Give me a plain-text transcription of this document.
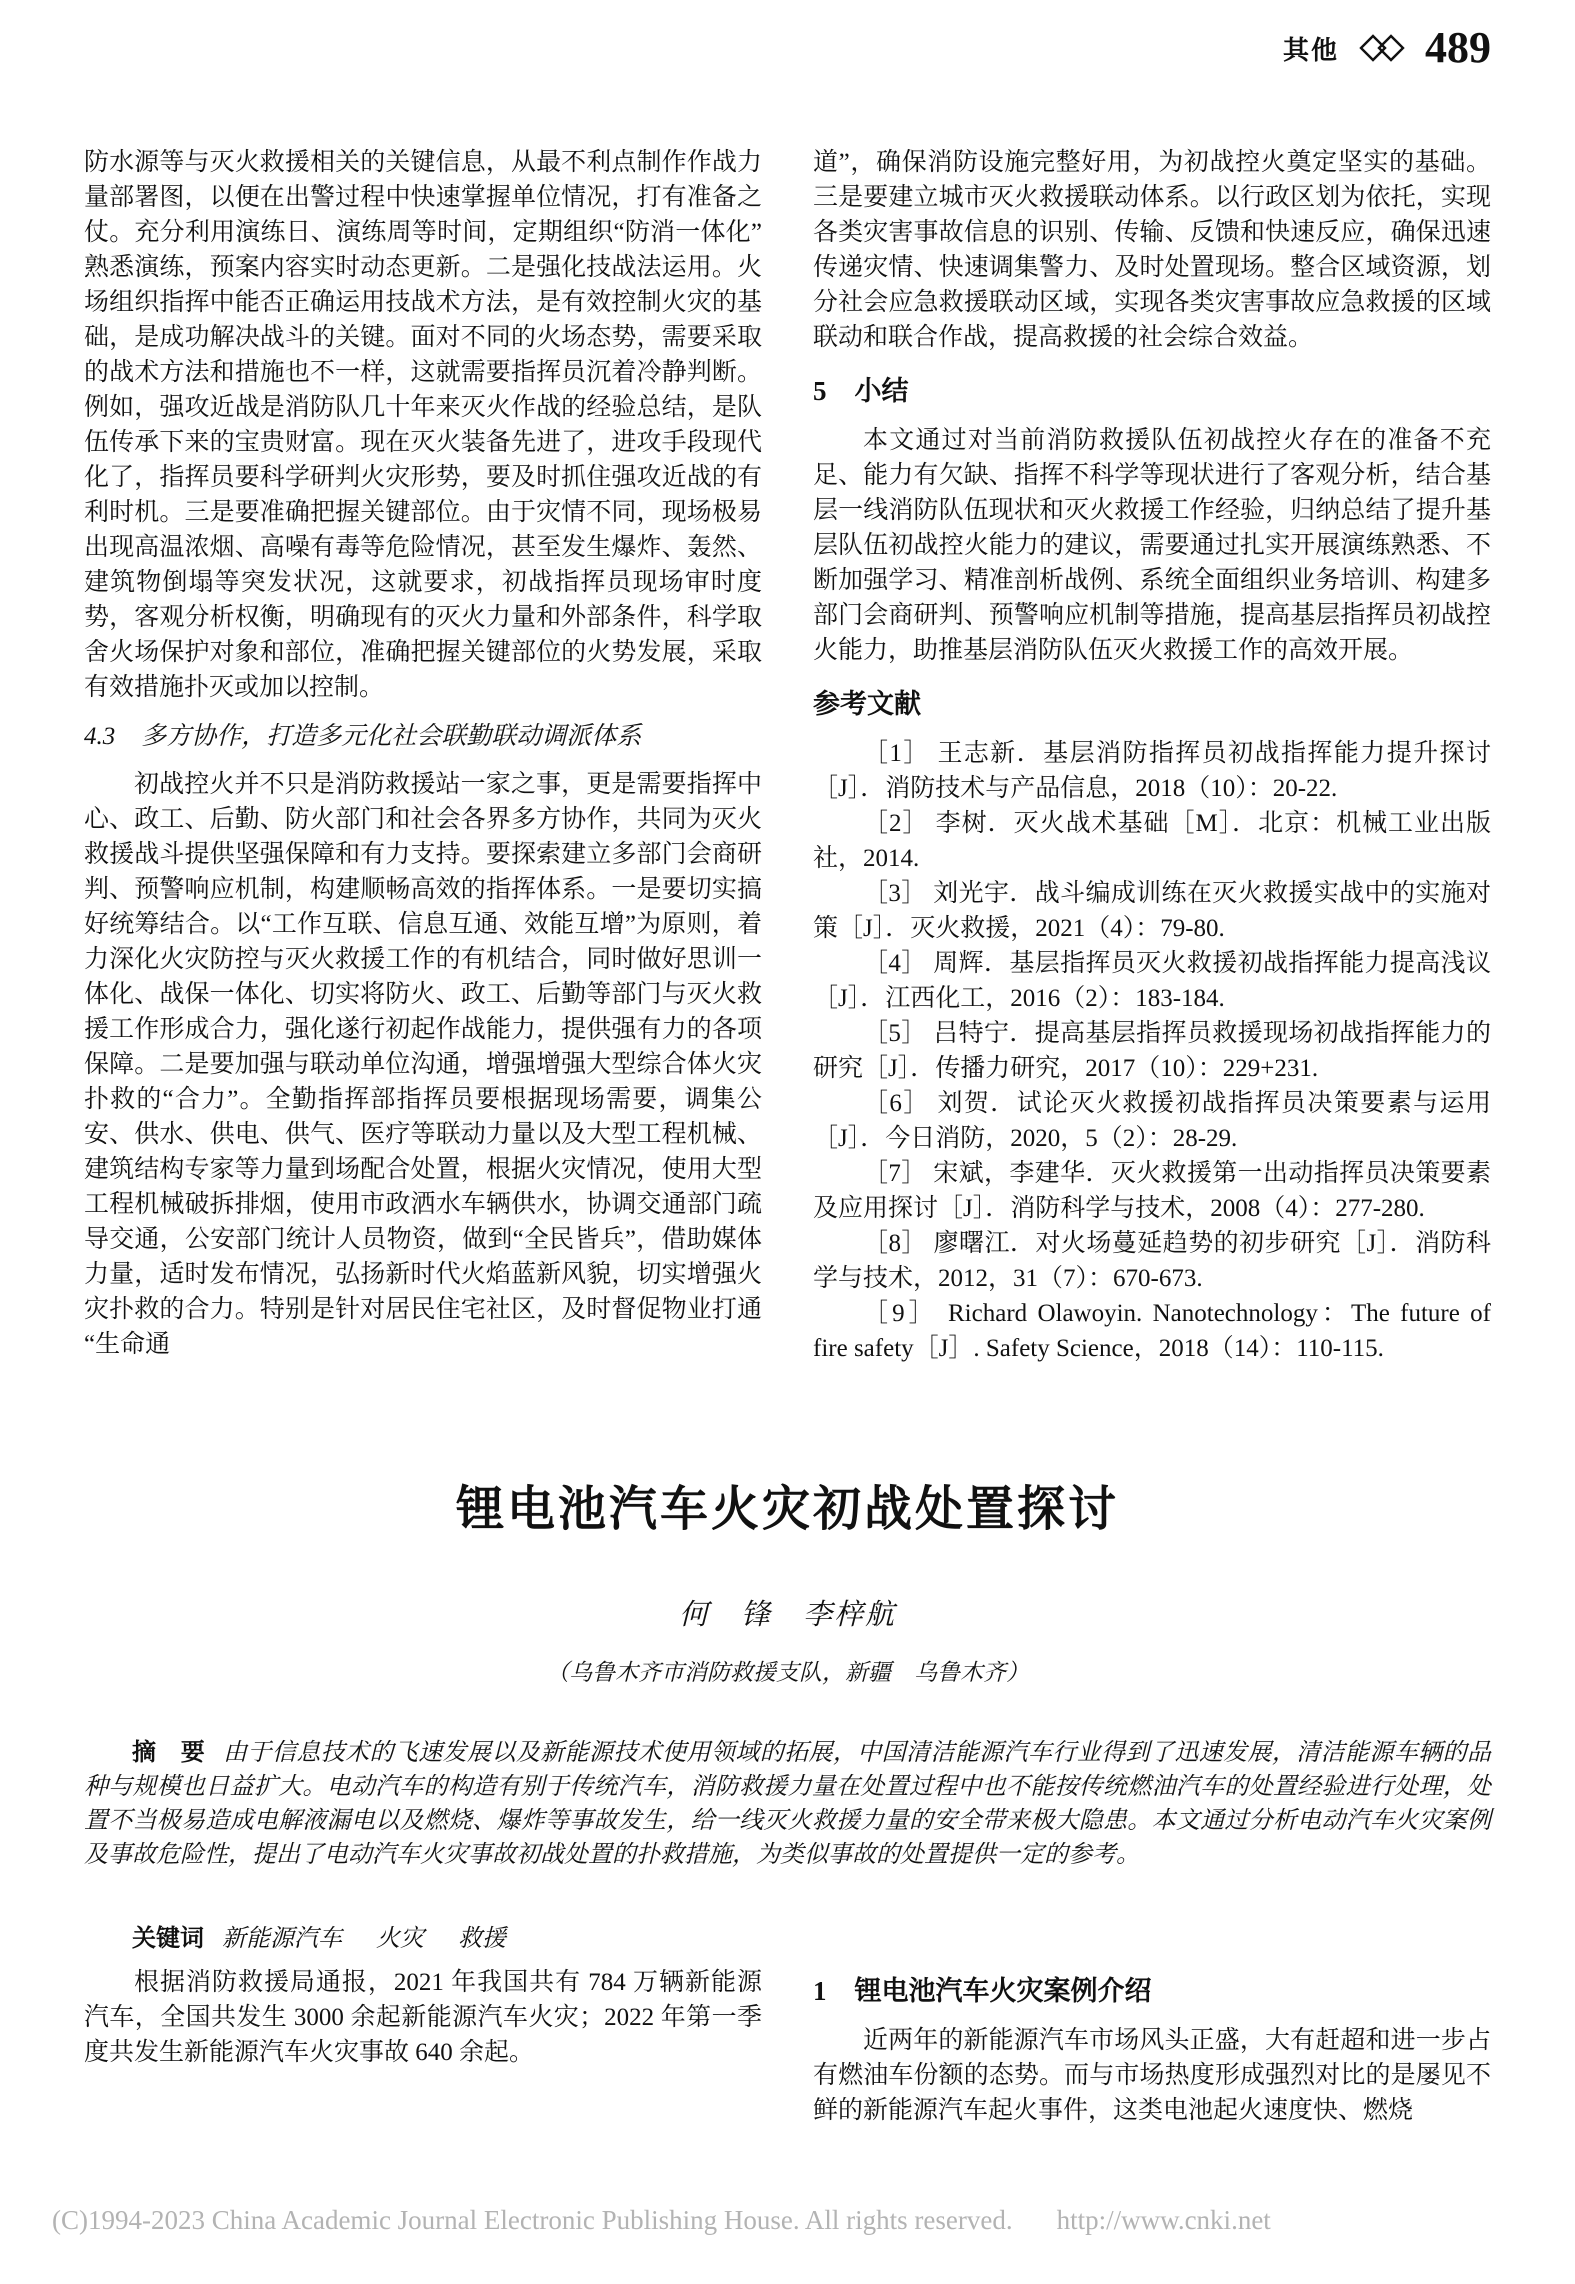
其他 489

防水源等与灭火救援相关的关键信息，从最不利点制作作战力量部署图，以便在出警过程中快速掌握单位情况，打有准备之仗。充分利用演练日、演练周等时间，定期组织“防消一体化”熟悉演练，预案内容实时动态更新。二是强化技战法运用。火场组织指挥中能否正确运用技战术方法，是有效控制火灾的基础，是成功解决战斗的关键。面对不同的火场态势，需要采取的战术方法和措施也不一样，这就需要指挥员沉着冷静判断。例如，强攻近战是消防队几十年来灭火作战的经验总结，是队伍传承下来的宝贵财富。现在灭火装备先进了，进攻手段现代化了，指挥员要科学研判火灾形势，要及时抓住强攻近战的有利时机。三是要准确把握关键部位。由于灾情不同，现场极易出现高温浓烟、高噪有毒等危险情况，甚至发生爆炸、轰然、建筑物倒塌等突发状况，这就要求，初战指挥员现场审时度势，客观分析权衡，明确现有的灭火力量和外部条件，科学取舍火场保护对象和部位，准确把握关键部位的火势发展，采取有效措施扑灭或加以控制。

4.3 多方协作，打造多元化社会联勤联动调派体系

初战控火并不只是消防救援站一家之事，更是需要指挥中心、政工、后勤、防火部门和社会各界多方协作，共同为灭火救援战斗提供坚强保障和有力支持。要探索建立多部门会商研判、预警响应机制，构建顺畅高效的指挥体系。一是要切实搞好统筹结合。以“工作互联、信息互通、效能互增”为原则，着力深化火灾防控与灭火救援工作的有机结合，同时做好思训一体化、战保一体化、切实将防火、政工、后勤等部门与灭火救援工作形成合力，强化遂行初起作战能力，提供强有力的各项保障。二是要加强与联动单位沟通，增强增强大型综合体火灾扑救的“合力”。全勤指挥部指挥员要根据现场需要，调集公安、供水、供电、供气、医疗等联动力量以及大型工程机械、建筑结构专家等力量到场配合处置，根据火灾情况，使用大型工程机械破拆排烟，使用市政洒水车辆供水，协调交通部门疏导交通，公安部门统计人员物资，做到“全民皆兵”，借助媒体力量，适时发布情况，弘扬新时代火焰蓝新风貌，切实增强火灾扑救的合力。特别是针对居民住宅社区，及时督促物业打通“生命通

道”，确保消防设施完整好用，为初战控火奠定坚实的基础。三是要建立城市灭火救援联动体系。以行政区划为依托，实现各类灾害事故信息的识别、传输、反馈和快速反应，确保迅速传递灾情、快速调集警力、及时处置现场。整合区域资源，划分社会应急救援联动区域，实现各类灾害事故应急救援的区域联动和联合作战，提高救援的社会综合效益。

5 小结

本文通过对当前消防救援队伍初战控火存在的准备不充足、能力有欠缺、指挥不科学等现状进行了客观分析，结合基层一线消防队伍现状和灭火救援工作经验，归纳总结了提升基层队伍初战控火能力的建议，需要通过扎实开展演练熟悉、不断加强学习、精准剖析战例、系统全面组织业务培训、构建多部门会商研判、预警响应机制等措施，提高基层指挥员初战控火能力，助推基层消防队伍灭火救援工作的高效开展。

参考文献

［1］ 王志新．基层消防指挥员初战指挥能力提升探讨［J］．消防技术与产品信息，2018（10）：20-22.

［2］ 李树．灭火战术基础［M］．北京：机械工业出版社，2014.

［3］ 刘光宇．战斗编成训练在灭火救援实战中的实施对策［J］．灭火救援，2021（4）：79-80.

［4］ 周辉．基层指挥员灭火救援初战指挥能力提高浅议［J］．江西化工，2016（2）：183-184.

［5］ 吕特宁．提高基层指挥员救援现场初战指挥能力的研究［J］．传播力研究，2017（10）：229+231.

［6］ 刘贺．试论灭火救援初战指挥员决策要素与运用［J］．今日消防，2020，5（2）：28-29.

［7］ 宋斌，李建华．灭火救援第一出动指挥员决策要素及应用探讨［J］．消防科学与技术，2008（4）：277-280.

［8］ 廖曙江．对火场蔓延趋势的初步研究［J］．消防科学与技术，2012，31（7）：670-673.

［9］ Richard Olawoyin. Nanotechnology：The future of fire safety［J］. Safety Science，2018（14）：110-115.

锂电池汽车火灾初战处置探讨
何　锋　李梓航
（乌鲁木齐市消防救援支队，新疆　乌鲁木齐）

摘　要 由于信息技术的飞速发展以及新能源技术使用领域的拓展，中国清洁能源汽车行业得到了迅速发展，清洁能源车辆的品种与规模也日益扩大。电动汽车的构造有别于传统汽车，消防救援力量在处置过程中也不能按传统燃油汽车的处置经验进行处理，处置不当极易造成电解液漏电以及燃烧、爆炸等事故发生，给一线灭火救援力量的安全带来极大隐患。本文通过分析电动汽车火灾案例及事故危险性，提出了电动汽车火灾事故初战处置的扑救措施，为类似事故的处置提供一定的参考。

关键词 新能源汽车 火灾 救援

根据消防救援局通报，2021 年我国共有 784 万辆新能源汽车，全国共发生 3000 余起新能源汽车火灾；2022 年第一季度共发生新能源汽车火灾事故 640 余起。

1 锂电池汽车火灾案例介绍

近两年的新能源汽车市场风头正盛，大有赶超和进一步占有燃油车份额的态势。而与市场热度形成强烈对比的是屡见不鲜的新能源汽车起火事件，这类电池起火速度快、燃烧

(C)1994-2023 China Academic Journal Electronic Publishing House. All rights reserved. http://www.cnki.net
